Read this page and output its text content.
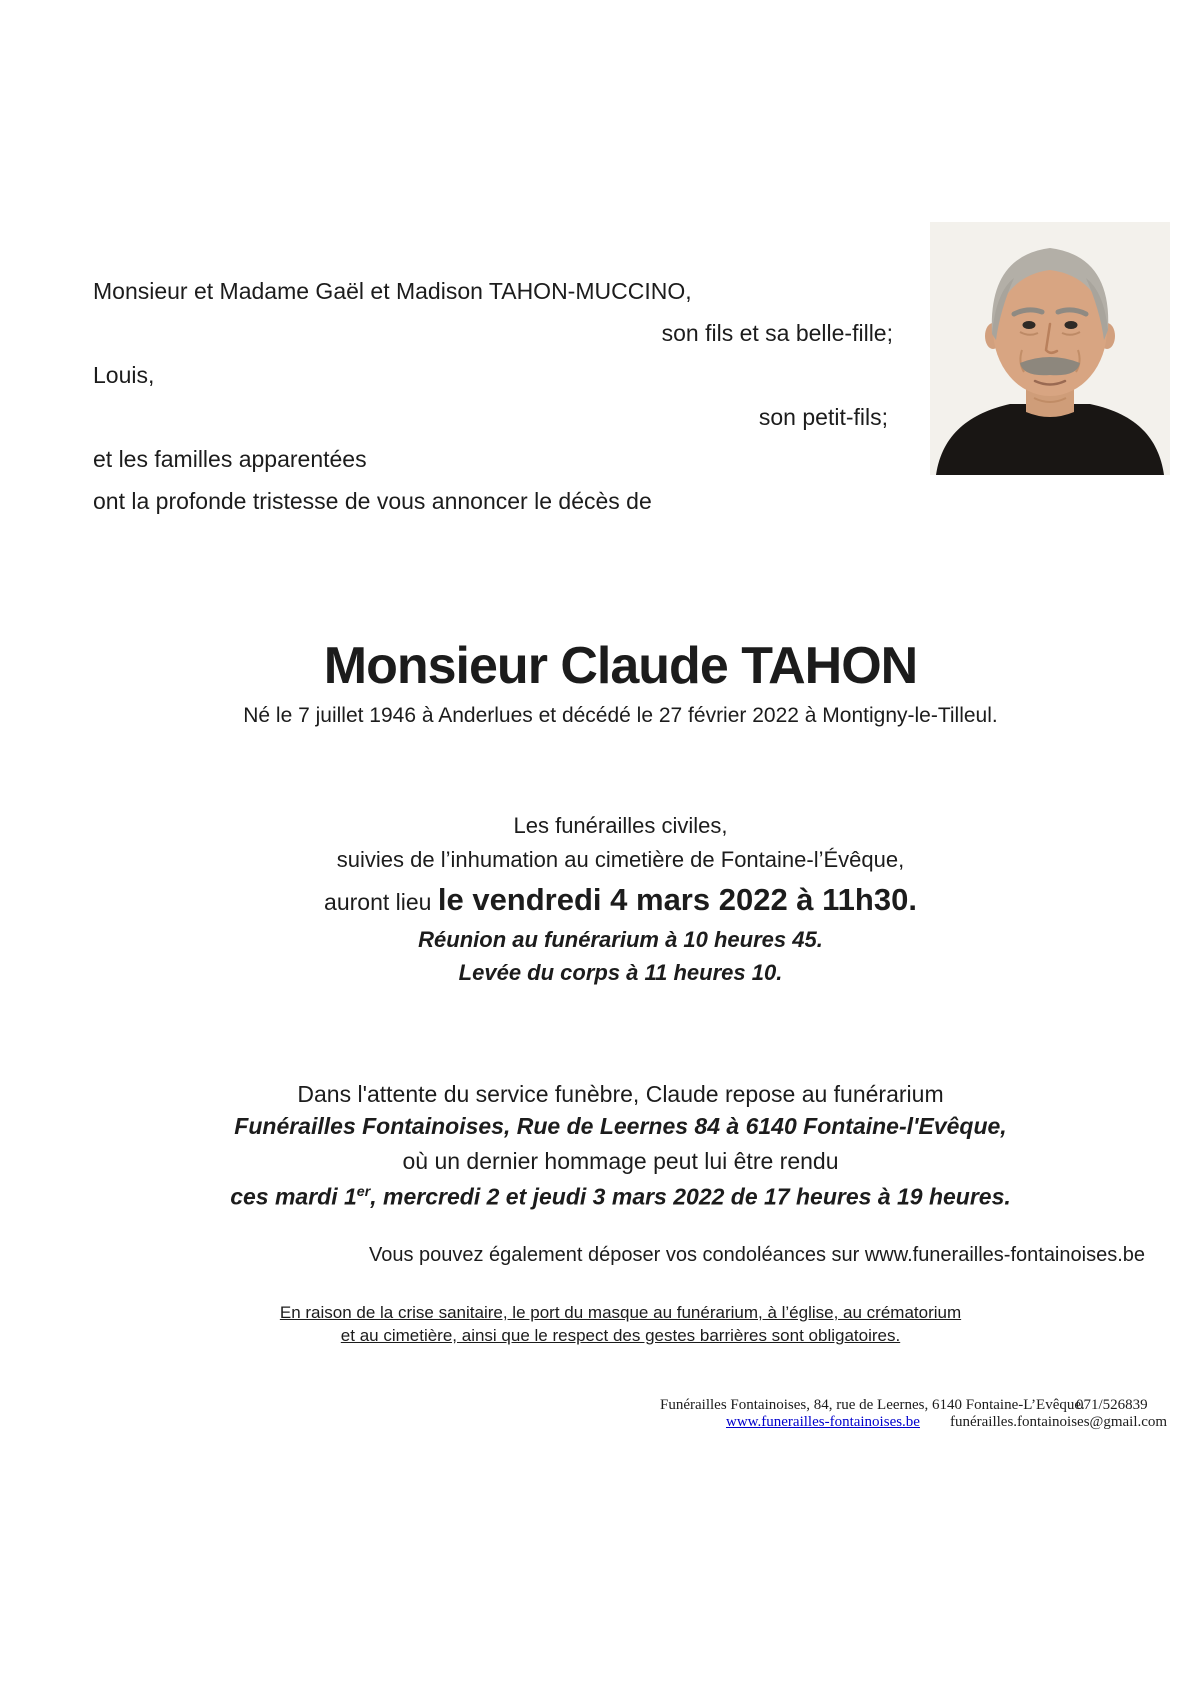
Monsieur et Madame Gaël et Madison TAHON-MUCCINO,
son fils et sa belle-fille;
Louis,
son petit-fils;
et les familles apparentées
ont la profonde tristesse de vous annoncer le décès de
Monsieur Claude TAHON
Né le 7 juillet 1946 à Anderlues et décédé le 27 février 2022 à Montigny-le-Tilleul.
Les funérailles civiles,
suivies de l’inhumation au cimetière de Fontaine-l’Évêque,
auront lieu le vendredi 4 mars 2022 à 11h30.
Réunion au funérarium à 10 heures 45.
Levée du corps à 11 heures 10.
Dans l'attente du service funèbre, Claude repose au funérarium
Funérailles Fontainoises, Rue de Leernes 84 à 6140 Fontaine-l'Evêque,
où un dernier hommage peut lui être rendu
ces mardi 1er, mercredi 2 et jeudi 3 mars 2022 de 17 heures à 19 heures.
Vous pouvez également déposer vos condoléances sur www.funerailles-fontainoises.be
En raison de la crise sanitaire, le port du masque au funérarium, à l’église, au crématorium
et au cimetière, ainsi que le respect des gestes barrières sont obligatoires.
Funérailles Fontainoises, 84, rue de Leernes, 6140 Fontaine-L’Evêque.
071/526839
www.funerailles-fontainoises.be funérailles.fontainoises@gmail.com
